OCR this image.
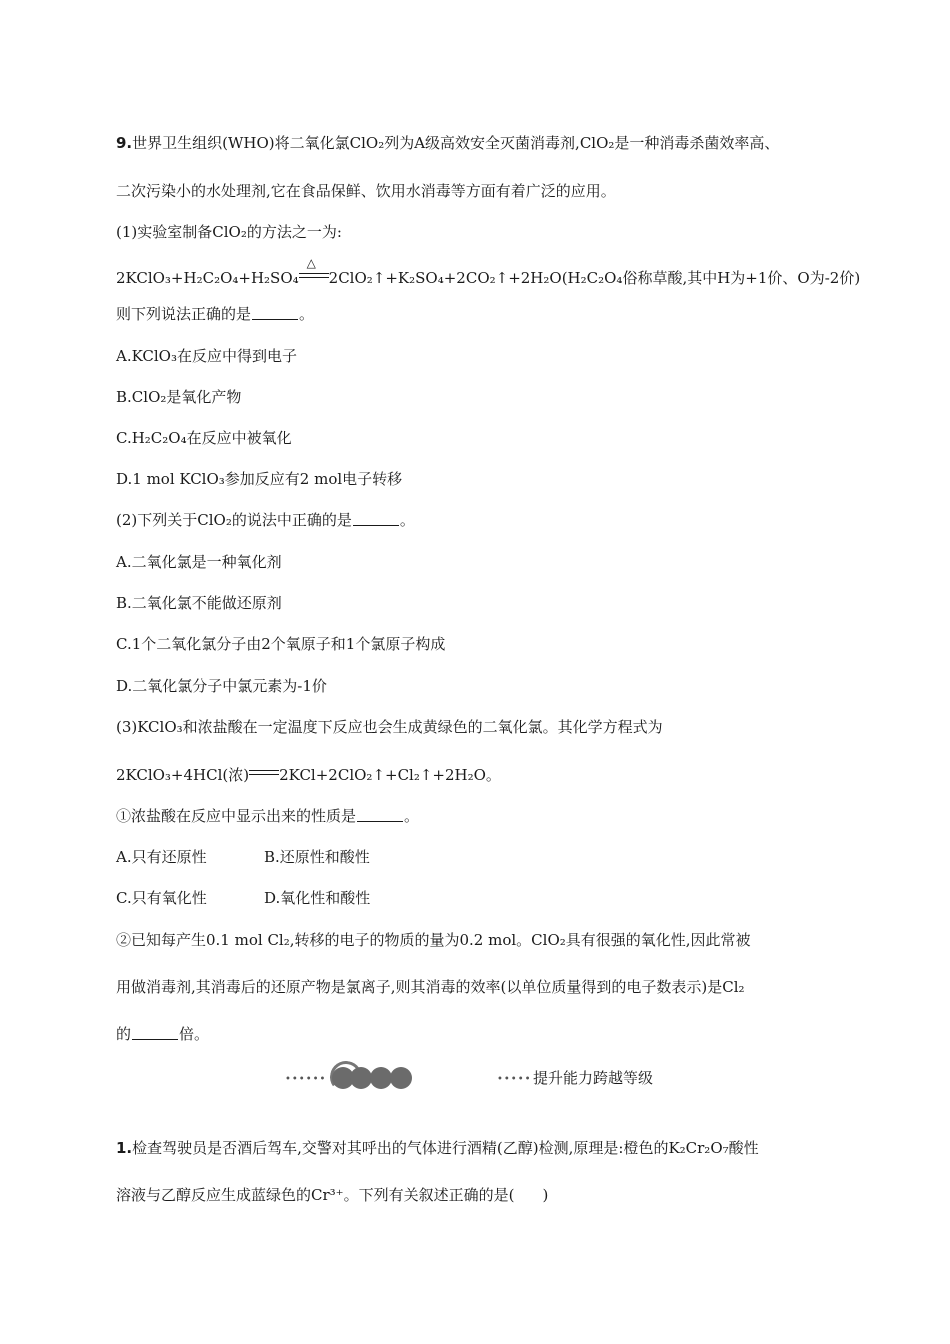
9.世界卫生组织(WHO)将二氧化氯ClO₂列为A级高效安全灭菌消毒剂,ClO₂是一种消毒杀菌效率高、
二次污染小的水处理剂,它在食品保鲜、饮用水消毒等方面有着广泛的应用。
(1)实验室制备ClO₂的方法之一为:
2KClO₃+H₂C₂O₄+H₂SO₄
△
2ClO₂↑+K₂SO₄+2CO₂↑+2H₂O(H₂C₂O₄俗称草酸,其中H为+1价、O为-2价)
则下列说法正确的是	。
A.KClO₃在反应中得到电子
B.ClO₂是氧化产物
C.H₂C₂O₄在反应中被氧化
D.1 mol KClO₃参加反应有2 mol电子转移
(2)下列关于ClO₂的说法中正确的是	。
A.二氧化氯是一种氧化剂
B.二氧化氯不能做还原剂
C.1个二氧化氯分子由2个氧原子和1个氯原子构成
D.二氧化氯分子中氯元素为-1价
(3)KClO₃和浓盐酸在一定温度下反应也会生成黄绿色的二氧化氯。其化学方程式为
2KClO₃+4HCl(浓) 2KCl+2ClO₂↑+Cl₂↑+2H₂O。
①浓盐酸在反应中显示出来的性质是	。
A.只有还原性	B.还原性和酸性
C.只有氧化性	D.氧化性和酸性
②已知每产生0.1 mol Cl₂,转移的电子的物质的量为0.2 mol。ClO₂具有很强的氧化性,因此常被
用做消毒剂,其消毒后的还原产物是氯离子,则其消毒的效率(以单位质量得到的电子数表示)是Cl₂
的	倍。
••••••	••••• 提升能力跨越等级
1.检查驾驶员是否酒后驾车,交警对其呼出的气体进行酒精(乙醇)检测,原理是:橙色的K₂Cr₂O₇酸性
溶液与乙醇反应生成蓝绿色的Cr³⁺。下列有关叙述正确的是( )
